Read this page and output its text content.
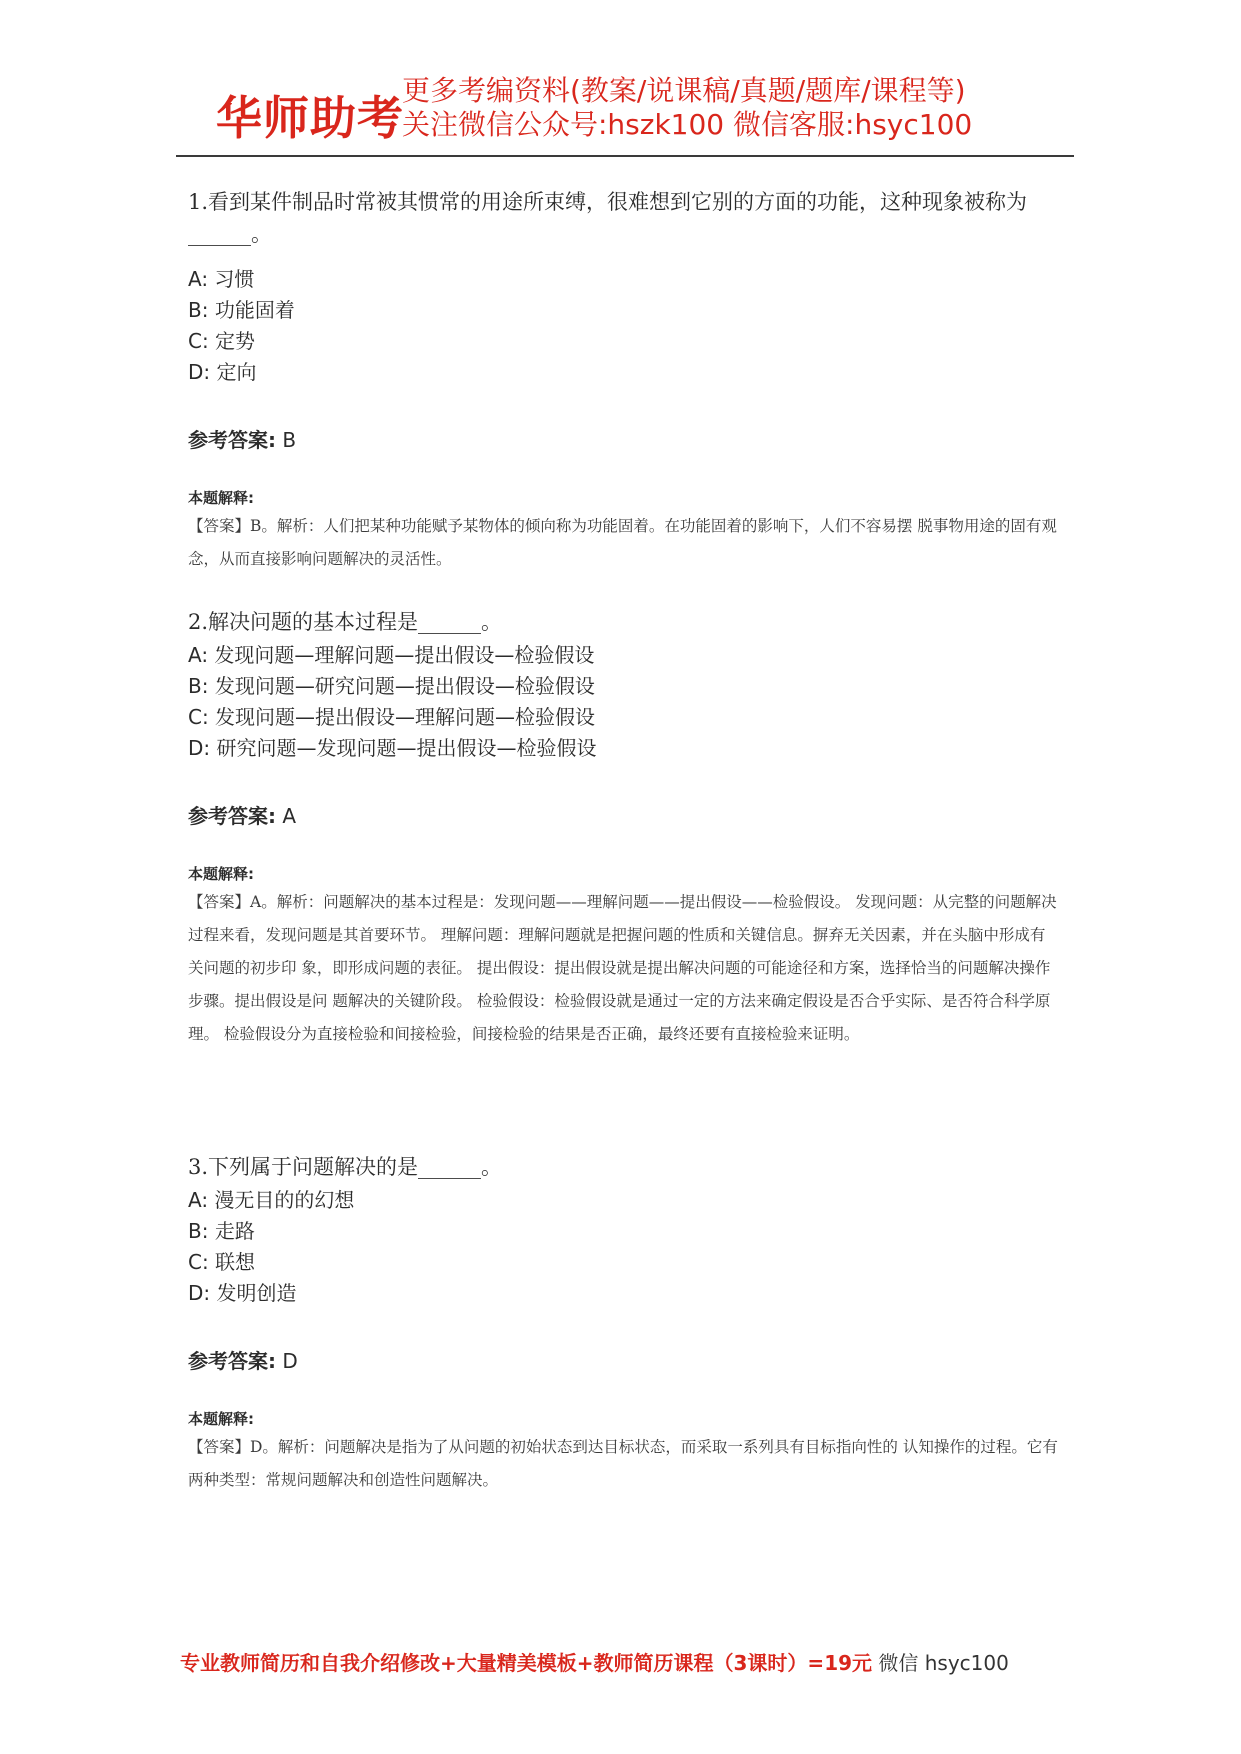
华师助考
更多考编资料(教案/说课稿/真题/题库/课程等)
关注微信公众号:hszk100 微信客服:hsyc100

1.看到某件制品时常被其惯常的用途所束缚，很难想到它别的方面的功能，这种现象被称为______。

A: 习惯

B: 功能固着

C: 定势

D: 定向

参考答案: B

本题解释:

【答案】B。解析：人们把某种功能赋予某物体的倾向称为功能固着。在功能固着的影响下，人们不容易摆 脱事物用途的固有观念，从而直接影响问题解决的灵活性。

2.解决问题的基本过程是______。

A: 发现问题—理解问题—提出假设—检验假设

B: 发现问题—研究问题—提出假设—检验假设

C: 发现问题—提出假设—理解问题—检验假设

D: 研究问题—发现问题—提出假设—检验假设

参考答案: A

本题解释:

【答案】A。解析：问题解决的基本过程是：发现问题——理解问题——提出假设——检验假设。 发现问题：从完整的问题解决过程来看，发现问题是其首要环节。 理解问题：理解问题就是把握问题的性质和关键信息。摒弃无关因素，并在头脑中形成有关问题的初步印 象，即形成问题的表征。 提出假设：提出假设就是提出解决问题的可能途径和方案，选择恰当的问题解决操作步骤。提出假设是问 题解决的关键阶段。 检验假设：检验假设就是通过一定的方法来确定假设是否合乎实际、是否符合科学原理。 检验假设分为直接检验和间接检验，间接检验的结果是否正确，最终还要有直接检验来证明。

3.下列属于问题解决的是______。

A: 漫无目的的幻想

B: 走路

C: 联想

D: 发明创造

参考答案: D

本题解释:

【答案】D。解析：问题解决是指为了从问题的初始状态到达目标状态，而采取一系列具有目标指向性的 认知操作的过程。它有两种类型：常规问题解决和创造性问题解决。

专业教师简历和自我介绍修改+大量精美模板+教师简历课程（3课时）=19元 微信 hsyc100
